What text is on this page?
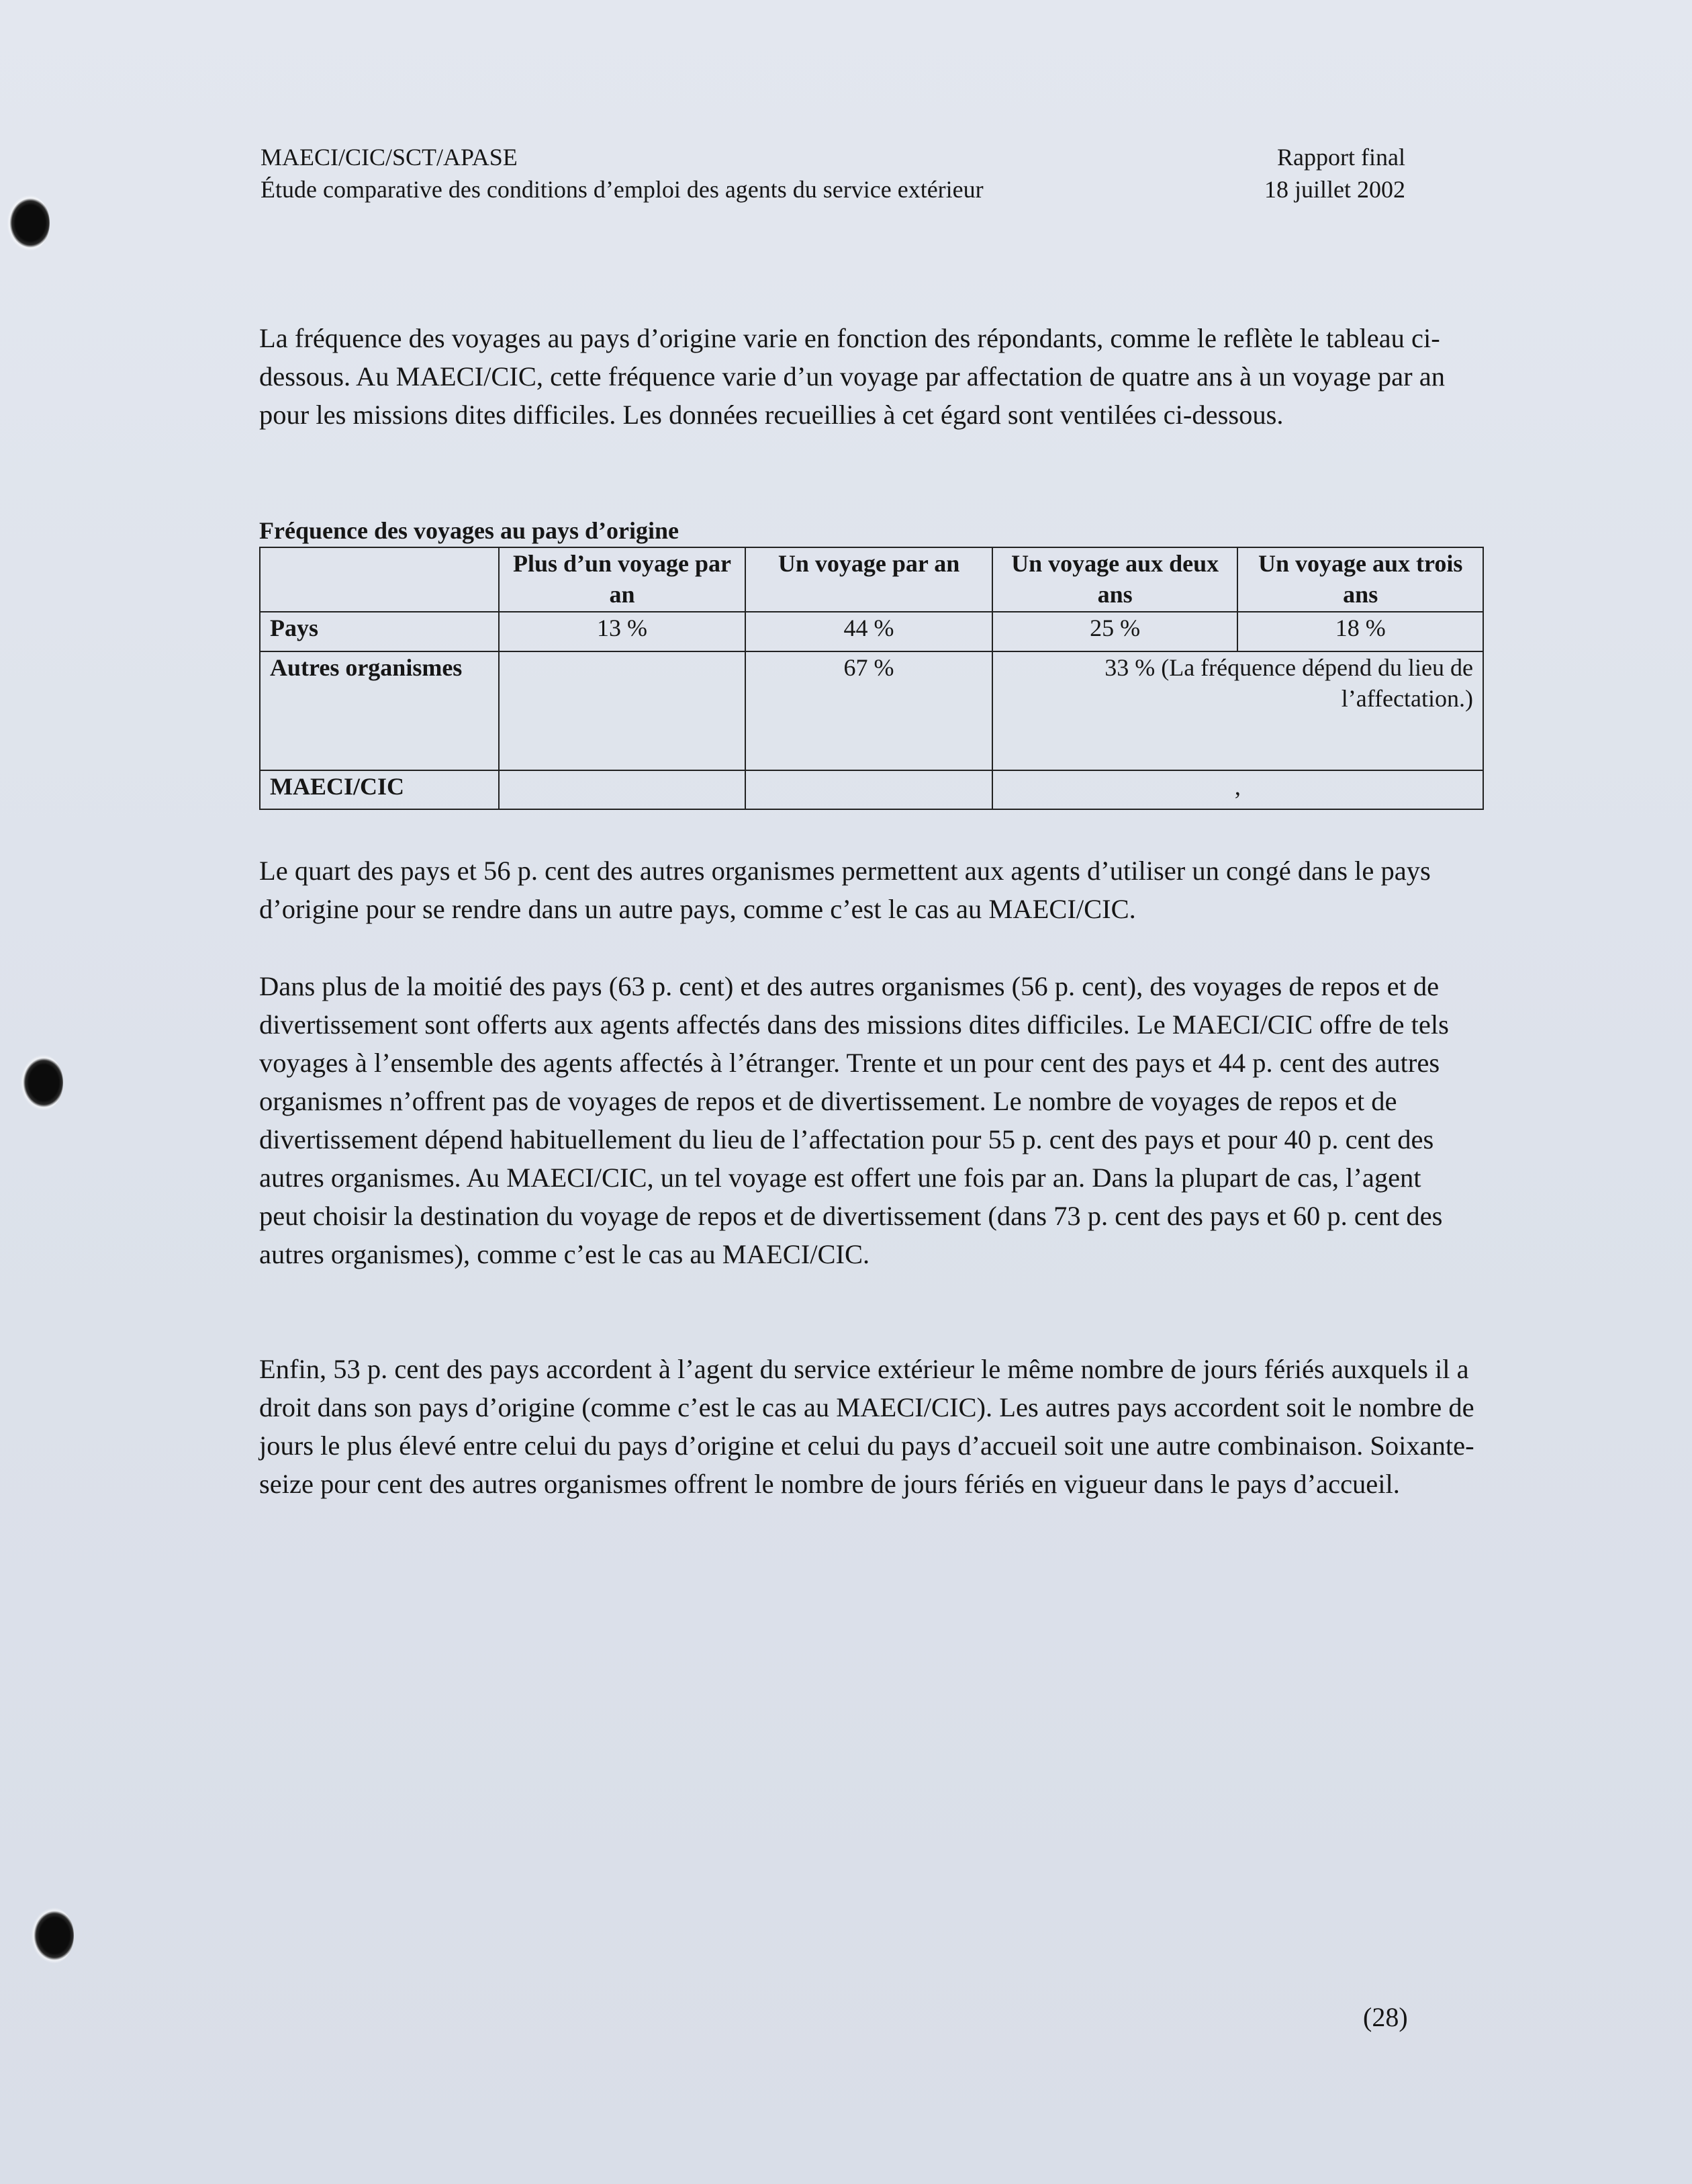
MAECI/CIC/SCT/APASE
Étude comparative des conditions d’emploi des agents du service extérieur
Rapport final
18 juillet 2002

La fréquence des voyages au pays d’origine varie en fonction des répondants, comme le reflète le tableau ci-dessous. Au MAECI/CIC, cette fréquence varie d’un voyage par affectation de quatre ans à un voyage par an pour les missions dites difficiles. Les données recueillies à cet égard sont ventilées ci-dessous.

Fréquence des voyages au pays d’origine
	Plus d’un voyage par an	Un voyage par an	Un voyage aux deux ans	Un voyage aux trois ans
Pays	13 %	44 %	25 %	18 %
Autres organismes		67 %	33 % (La fréquence dépend du lieu de l’affectation.)	
MAECI/CIC			,	

Le quart des pays et 56 p. cent des autres organismes permettent aux agents d’utiliser un congé dans le pays d’origine pour se rendre dans un autre pays, comme c’est le cas au MAECI/CIC.

Dans plus de la moitié des pays (63 p. cent) et des autres organismes (56 p. cent), des voyages de repos et de divertissement sont offerts aux agents affectés dans des missions dites difficiles. Le MAECI/CIC offre de tels voyages à l’ensemble des agents affectés à l’étranger. Trente et un pour cent des pays et 44 p. cent des autres organismes n’offrent pas de voyages de repos et de divertissement. Le nombre de voyages de repos et de divertissement dépend habituellement du lieu de l’affectation pour 55 p. cent des pays et pour 40 p. cent des autres organismes. Au MAECI/CIC, un tel voyage est offert une fois par an. Dans la plupart de cas, l’agent peut choisir la destination du voyage de repos et de divertissement (dans 73 p. cent des pays et 60 p. cent des autres organismes), comme c’est le cas au MAECI/CIC.

Enfin, 53 p. cent des pays accordent à l’agent du service extérieur le même nombre de jours fériés auxquels il a droit dans son pays d’origine (comme c’est le cas au MAECI/CIC). Les autres pays accordent soit le nombre de jours le plus élevé entre celui du pays d’origine et celui du pays d’accueil soit une autre combinaison. Soixante-seize pour cent des autres organismes offrent le nombre de jours fériés en vigueur dans le pays d’accueil.

(28)
